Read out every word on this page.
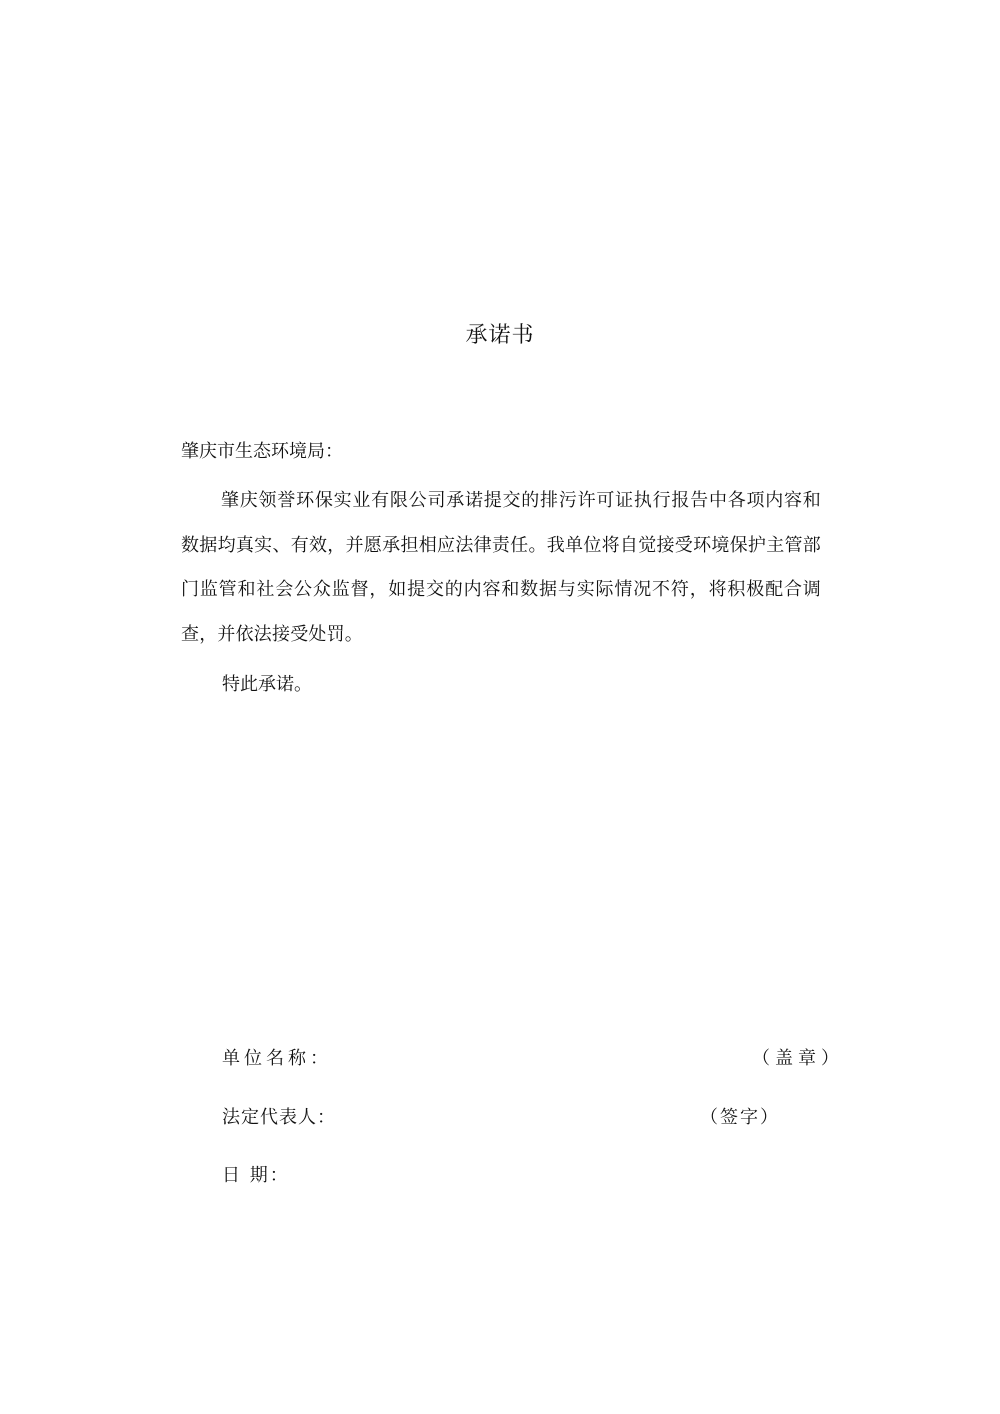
承诺书
肇庆市生态环境局：

肇庆领誉环保实业有限公司承诺提交的排污许可证执行报告中各项内容和数据均真实、有效，并愿承担相应法律责任。我单位将自觉接受环境保护主管部门监管和社会公众监督，如提交的内容和数据与实际情况不符，将积极配合调查，并依法接受处罚。

特此承诺。
单位名称：	（盖章）
法定代表人：	（签字）
日 期：
